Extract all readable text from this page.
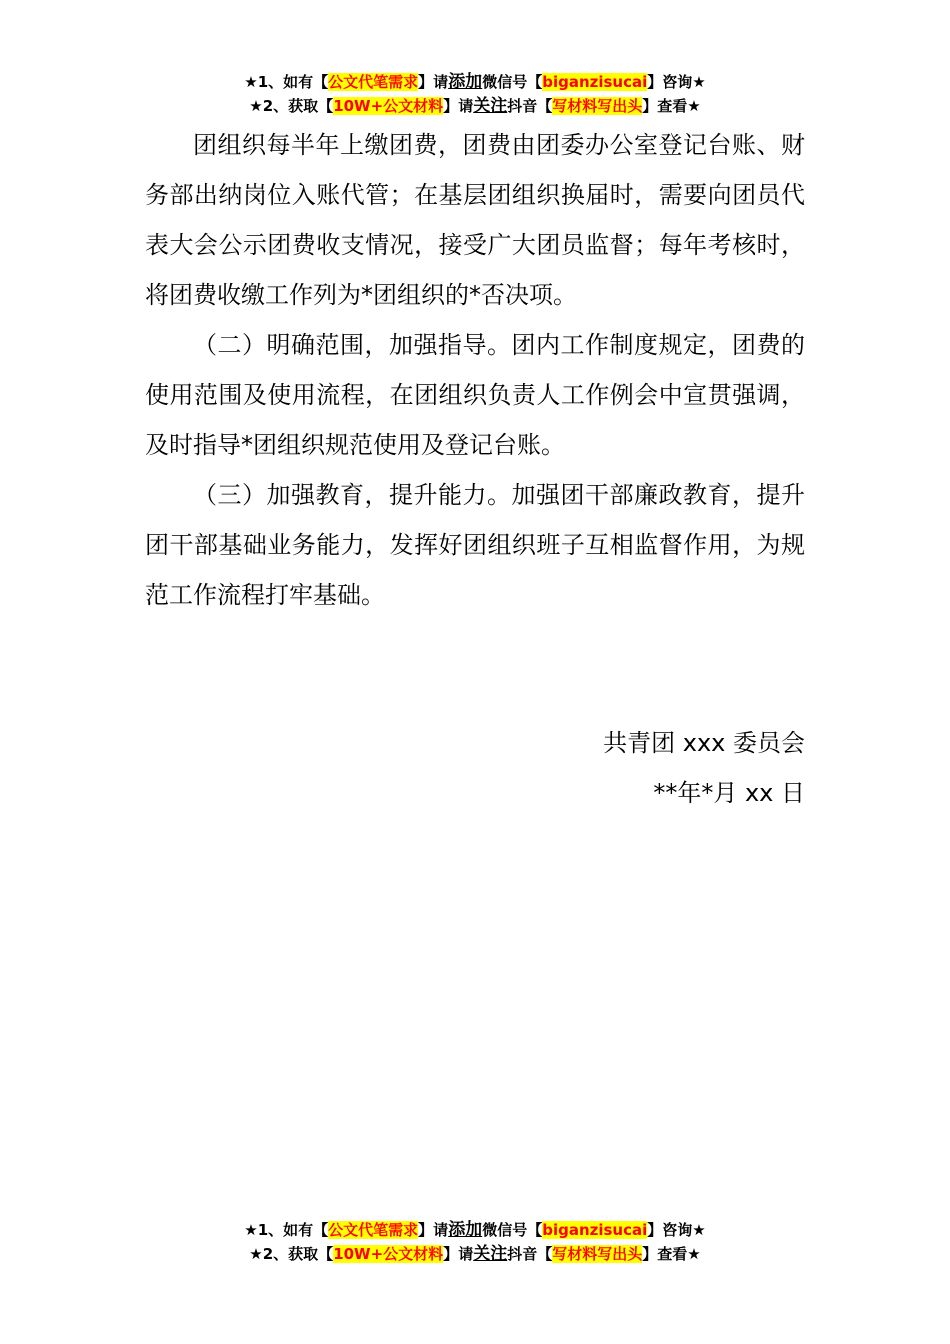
★1、如有【公文代笔需求】请添加微信号【biganzisucai】咨询★
★2、获取【10W+公文材料】请关注抖音【写材料写出头】查看★

团组织每半年上缴团费，团费由团委办公室登记台账、财务部出纳岗位入账代管；在基层团组织换届时，需要向团员代表大会公示团费收支情况，接受广大团员监督；每年考核时，将团费收缴工作列为*团组织的*否决项。

（二）明确范围，加强指导。团内工作制度规定，团费的使用范围及使用流程，在团组织负责人工作例会中宣贯强调，及时指导*团组织规范使用及登记台账。

（三）加强教育，提升能力。加强团干部廉政教育，提升团干部基础业务能力，发挥好团组织班子互相监督作用，为规范工作流程打牢基础。

共青团 xxx 委员会
**年*月 xx 日
★1、如有【公文代笔需求】请添加微信号【biganzisucai】咨询★
★2、获取【10W+公文材料】请关注抖音【写材料写出头】查看★
